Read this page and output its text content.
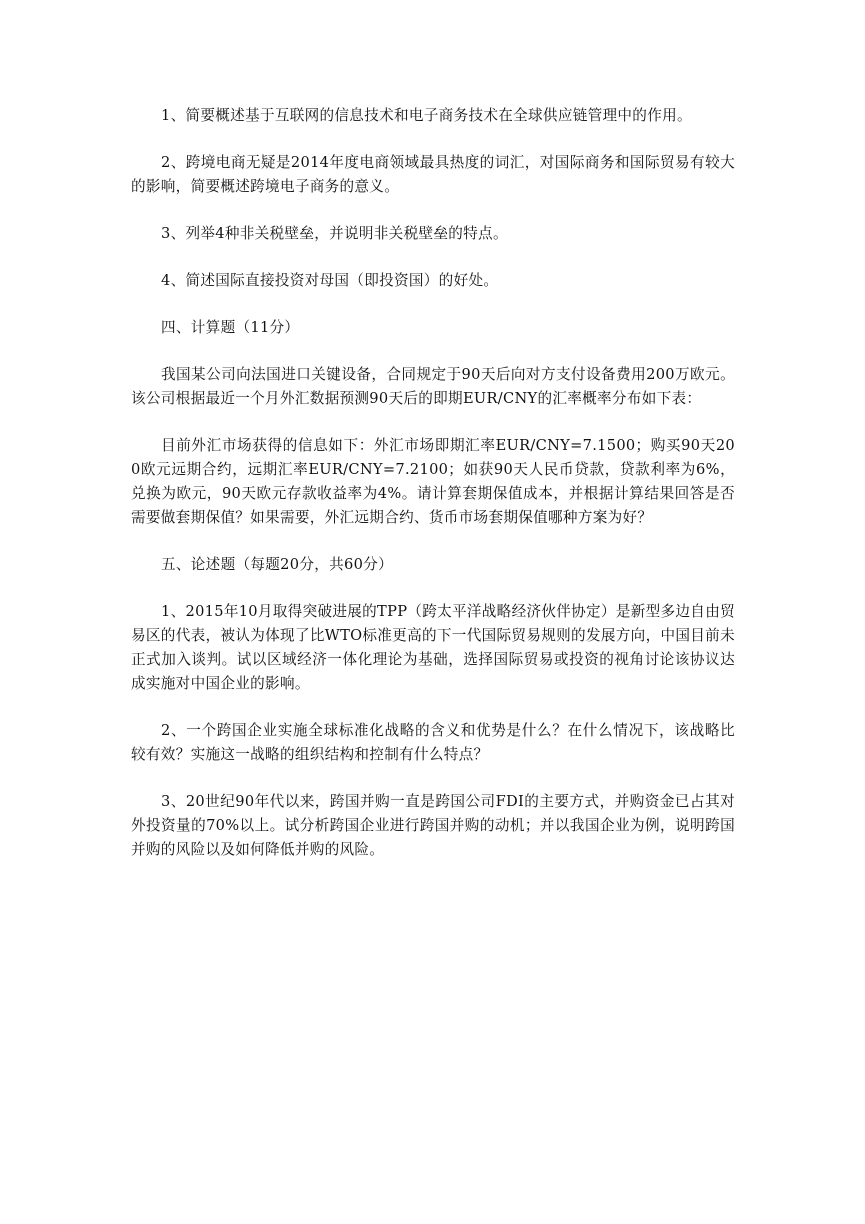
1、简要概述基于互联网的信息技术和电子商务技术在全球供应链管理中的作用。

2、跨境电商无疑是2014年度电商领域最具热度的词汇，对国际商务和国际贸易有较大的影响，简要概述跨境电子商务的意义。

3、列举4种非关税壁垒，并说明非关税壁垒的特点。

4、简述国际直接投资对母国（即投资国）的好处。

四、计算题（11分）

我国某公司向法国进口关键设备，合同规定于90天后向对方支付设备费用200万欧元。该公司根据最近一个月外汇数据预测90天后的即期EUR/CNY的汇率概率分布如下表：

目前外汇市场获得的信息如下：外汇市场即期汇率EUR/CNY=7.1500；购买90天200欧元远期合约，远期汇率EUR/CNY=7.2100；如获90天人民币贷款，贷款利率为6%，兑换为欧元，90天欧元存款收益率为4%。请计算套期保值成本，并根据计算结果回答是否需要做套期保值？如果需要，外汇远期合约、货币市场套期保值哪种方案为好？

五、论述题（每题20分，共60分）

1、2015年10月取得突破进展的TPP（跨太平洋战略经济伙伴协定）是新型多边自由贸易区的代表，被认为体现了比WTO标准更高的下一代国际贸易规则的发展方向，中国目前未正式加入谈判。试以区域经济一体化理论为基础，选择国际贸易或投资的视角讨论该协议达成实施对中国企业的影响。

2、一个跨国企业实施全球标准化战略的含义和优势是什么？在什么情况下，该战略比较有效？实施这一战略的组织结构和控制有什么特点？

3、20世纪90年代以来，跨国并购一直是跨国公司FDI的主要方式，并购资金已占其对外投资量的70%以上。试分析跨国企业进行跨国并购的动机；并以我国企业为例，说明跨国并购的风险以及如何降低并购的风险。
